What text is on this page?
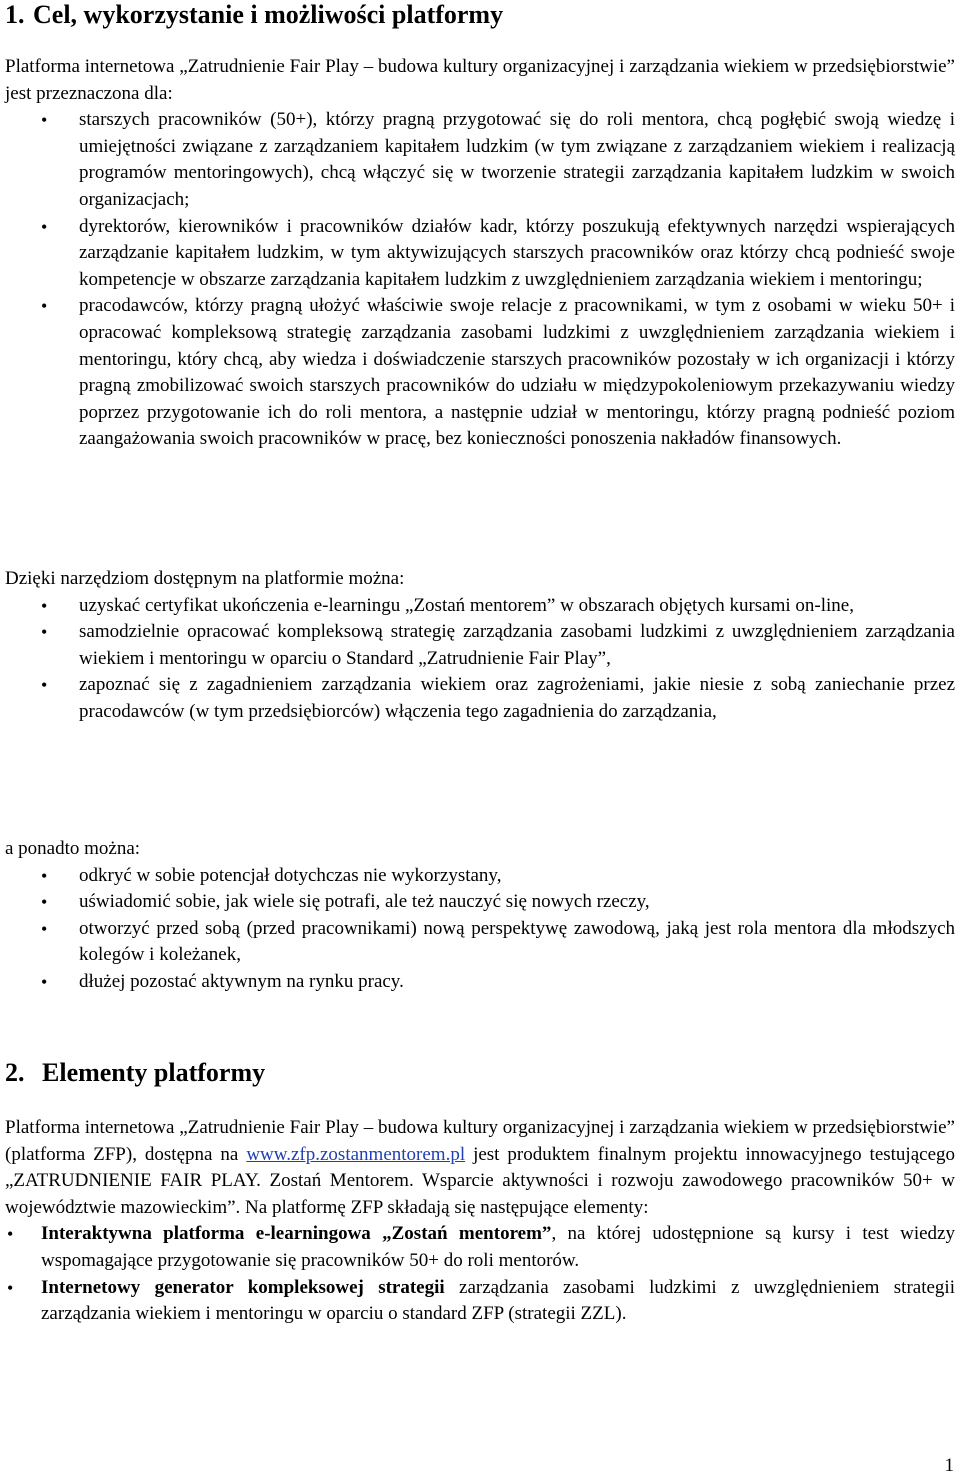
1. Cel, wykorzystanie i możliwości platformy

Platforma internetowa „Zatrudnienie Fair Play – budowa kultury organizacyjnej i zarządzania wiekiem w przedsiębiorstwie” jest przeznaczona dla:

• starszych pracowników (50+), którzy pragną przygotować się do roli mentora, chcą pogłębić swoją wiedzę i umiejętności związane z zarządzaniem kapitałem ludzkim (w tym związane z zarządzaniem wiekiem i realizacją programów mentoringowych), chcą włączyć się w tworzenie strategii zarządzania kapitałem ludzkim w swoich organizacjach;
• dyrektorów, kierowników i pracowników działów kadr, którzy poszukują efektywnych narzędzi wspierających zarządzanie kapitałem ludzkim, w tym aktywizujących starszych pracowników oraz którzy chcą podnieść swoje kompetencje w obszarze zarządzania kapitałem ludzkim z uwzględnieniem zarządzania wiekiem i mentoringu;
• pracodawców, którzy pragną ułożyć właściwie swoje relacje z pracownikami, w tym z osobami w wieku 50+ i opracować kompleksową strategię zarządzania zasobami ludzkimi z uwzględnieniem zarządzania wiekiem i mentoringu, który chcą, aby wiedza i doświadczenie starszych pracowników pozostały w ich organizacji i którzy pragną zmobilizować swoich starszych pracowników do udziału w międzypokoleniowym przekazywaniu wiedzy poprzez przygotowanie ich do roli mentora, a następnie udział w mentoringu, którzy pragną podnieść poziom zaangażowania swoich pracowników w pracę, bez konieczności ponoszenia nakładów finansowych.

Dzięki narzędziom dostępnym na platformie można:

• uzyskać certyfikat ukończenia e-learningu „Zostań mentorem” w obszarach objętych kursami on-line,
• samodzielnie opracować kompleksową strategię zarządzania zasobami ludzkimi z uwzględnieniem zarządzania wiekiem i mentoringu w oparciu o Standard „Zatrudnienie Fair Play”,
• zapoznać się z zagadnieniem zarządzania wiekiem oraz zagrożeniami, jakie niesie z sobą zaniechanie przez pracodawców (w tym przedsiębiorców) włączenia tego zagadnienia do zarządzania,

a ponadto można:

• odkryć w sobie potencjał dotychczas nie wykorzystany,
• uświadomić sobie, jak wiele się potrafi, ale też nauczyć się nowych rzeczy,
• otworzyć przed sobą (przed pracownikami) nową perspektywę zawodową, jaką jest rola mentora dla młodszych kolegów i koleżanek,
• dłużej pozostać aktywnym na rynku pracy.
2. Elementy platformy

Platforma internetowa „Zatrudnienie Fair Play – budowa kultury organizacyjnej i zarządzania wiekiem w przedsiębiorstwie” (platforma ZFP), dostępna na www.zfp.zostanmentorem.pl jest produktem finalnym projektu innowacyjnego testującego „ZATRUDNIENIE FAIR PLAY. Zostań Mentorem. Wsparcie aktywności i rozwoju zawodowego pracowników 50+ w województwie mazowieckim”. Na platformę ZFP składają się następujące elementy:

• Interaktywna platforma e-learningowa „Zostań mentorem”, na której udostępnione są kursy i test wiedzy wspomagające przygotowanie się pracowników 50+ do roli mentorów.
• Internetowy generator kompleksowej strategii zarządzania zasobami ludzkimi z uwzględnieniem strategii zarządzania wiekiem i mentoringu w oparciu o standard ZFP (strategii ZZL).
1
